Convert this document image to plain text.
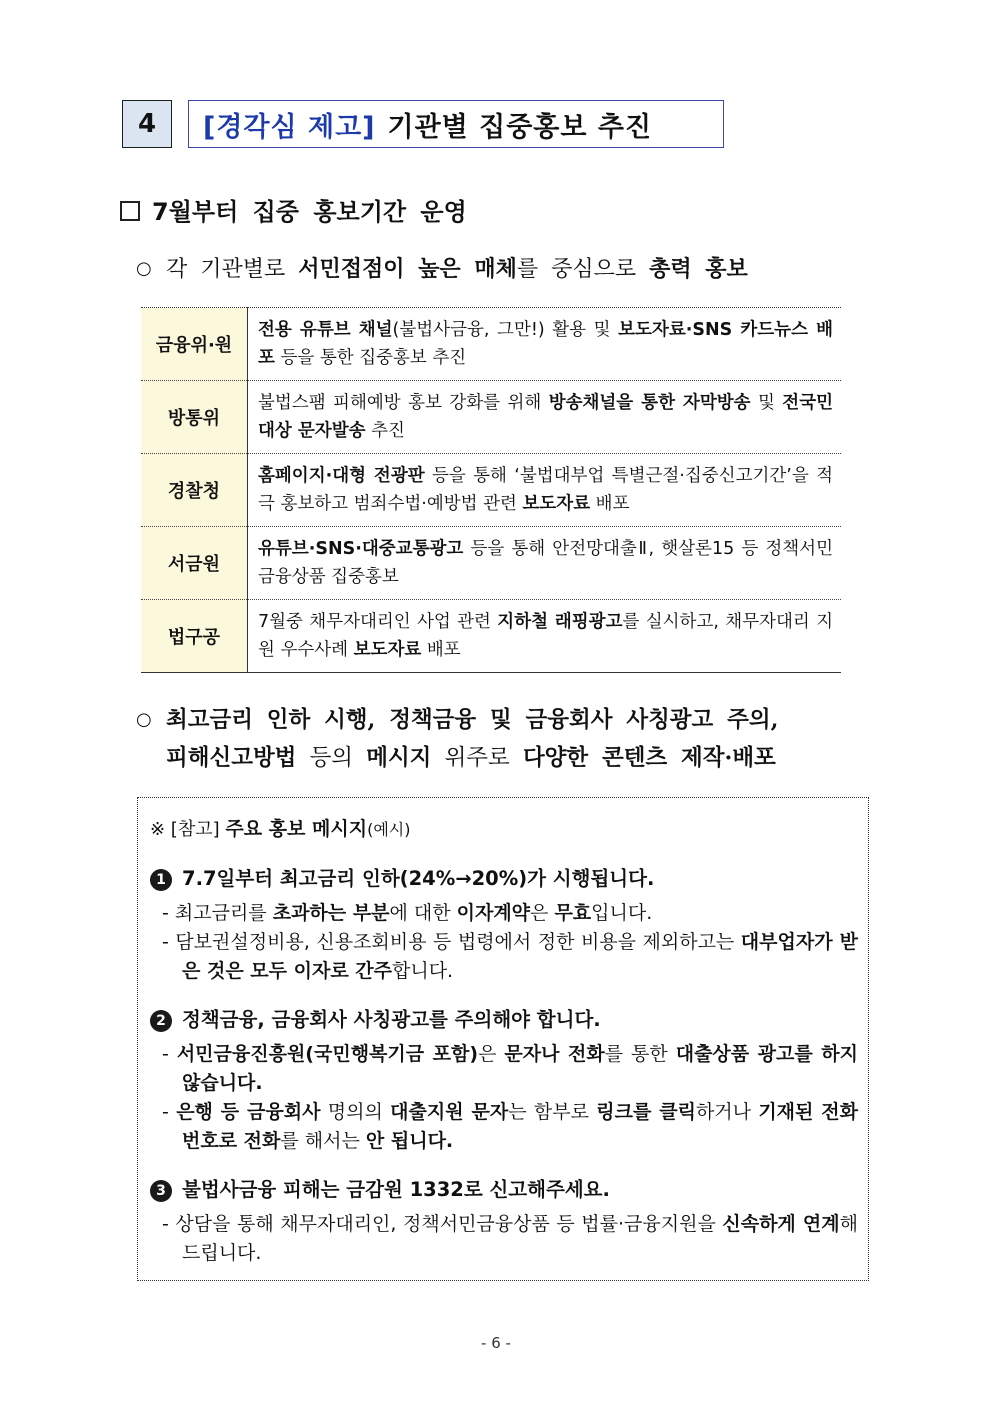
4 [경각심 제고] 기관별 집중홍보 추진
7월부터 집중 홍보기간 운영
○ 각 기관별로 서민접점이 높은 매체를 중심으로 총력 홍보
금융위·원	전용 유튜브 채널(불법사금융, 그만!) 활용 및 보도자료·SNS 카드뉴스 배포 등을 통한 집중홍보 추진
방통위	불법스팸 피해예방 홍보 강화를 위해 방송채널을 통한 자막방송 및 전국민 대상 문자발송 추진
경찰청	홈페이지·대형 전광판 등을 통해 ‘불법대부업 특별근절·집중신고기간’을 적극 홍보하고 범죄수법·예방법 관련 보도자료 배포
서금원	유튜브·SNS·대중교통광고 등을 통해 안전망대출Ⅱ, 햇살론15 등 정책서민금융상품 집중홍보
법구공	7월중 채무자대리인 사업 관련 지하철 래핑광고를 실시하고, 채무자대리 지원 우수사례 보도자료 배포
○ 최고금리 인하 시행, 정책금융 및 금융회사 사칭광고 주의,
피해신고방법 등의 메시지 위주로 다양한 콘텐츠 제작·배포
※ [참고] 주요 홍보 메시지(예시)
1 7.7일부터 최고금리 인하(24%→20%)가 시행됩니다.
- 최고금리를 초과하는 부분에 대한 이자계약은 무효입니다.
- 담보권설정비용, 신용조회비용 등 법령에서 정한 비용을 제외하고는 대부업자가 받은 것은 모두 이자로 간주합니다.
2 정책금융, 금융회사 사칭광고를 주의해야 합니다.
- 서민금융진흥원(국민행복기금 포함)은 문자나 전화를 통한 대출상품 광고를 하지 않습니다.
- 은행 등 금융회사 명의의 대출지원 문자는 함부로 링크를 클릭하거나 기재된 전화번호로 전화를 해서는 안 됩니다.
3 불법사금융 피해는 금감원 1332로 신고해주세요.
- 상담을 통해 채무자대리인, 정책서민금융상품 등 법률·금융지원을 신속하게 연계해드립니다.
- 6 -
